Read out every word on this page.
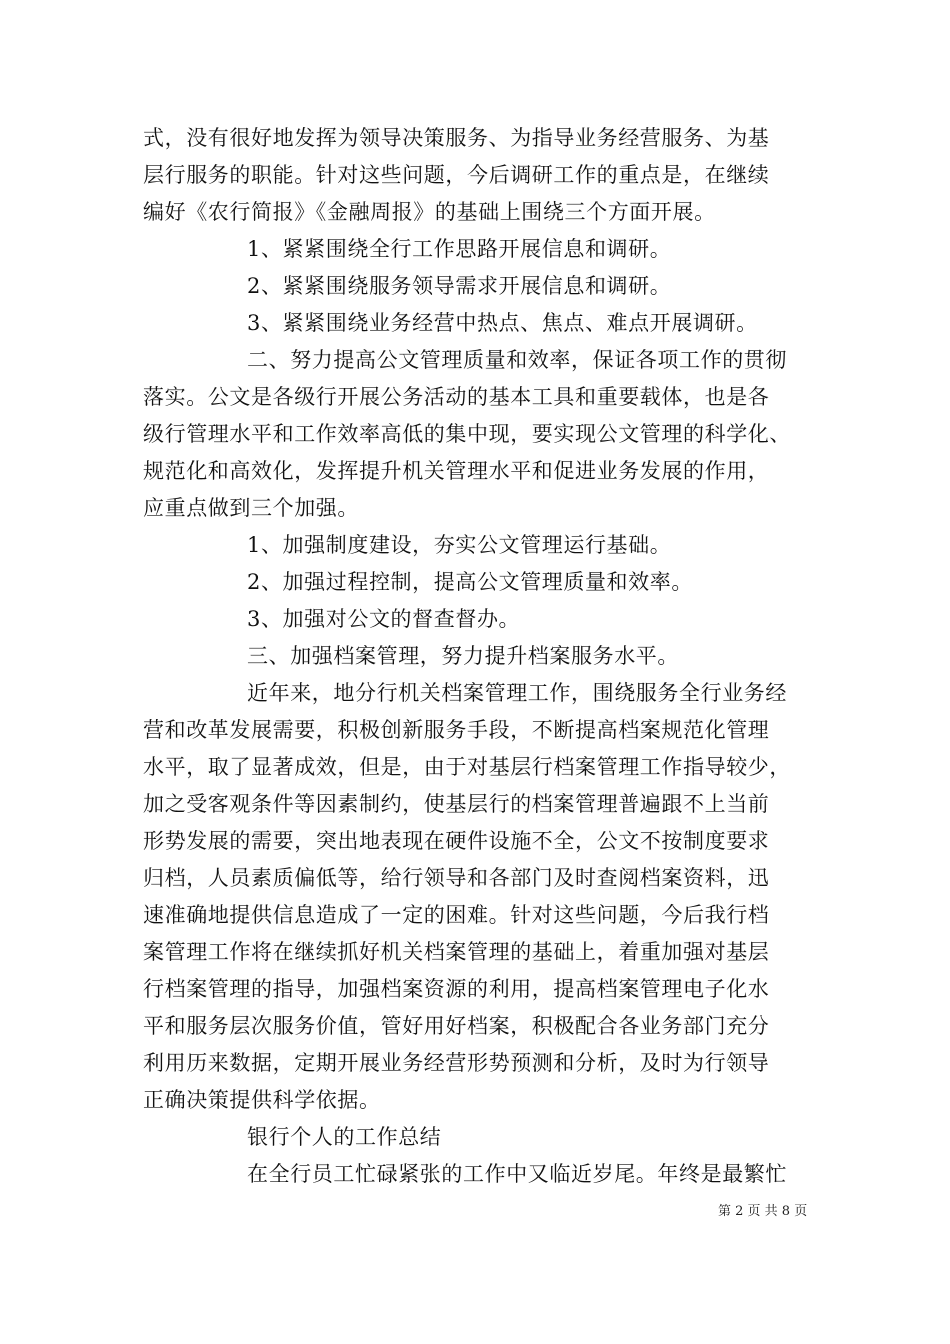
式，没有很好地发挥为领导决策服务、为指导业务经营服务、为基
层行服务的职能。针对这些问题，今后调研工作的重点是，在继续
编好《农行简报》《金融周报》的基础上围绕三个方面开展。
1、紧紧围绕全行工作思路开展信息和调研。
2、紧紧围绕服务领导需求开展信息和调研。
3、紧紧围绕业务经营中热点、焦点、难点开展调研。
二、努力提高公文管理质量和效率，保证各项工作的贯彻
落实。公文是各级行开展公务活动的基本工具和重要载体，也是各
级行管理水平和工作效率高低的集中现，要实现公文管理的科学化、
规范化和高效化，发挥提升机关管理水平和促进业务发展的作用，
应重点做到三个加强。
1、加强制度建设，夯实公文管理运行基础。
2、加强过程控制，提高公文管理质量和效率。
3、加强对公文的督查督办。
三、加强档案管理，努力提升档案服务水平。
近年来，地分行机关档案管理工作，围绕服务全行业务经
营和改革发展需要，积极创新服务手段，不断提高档案规范化管理
水平，取了显著成效，但是，由于对基层行档案管理工作指导较少，
加之受客观条件等因素制约，使基层行的档案管理普遍跟不上当前
形势发展的需要，突出地表现在硬件设施不全，公文不按制度要求
归档，人员素质偏低等，给行领导和各部门及时查阅档案资料，迅
速准确地提供信息造成了一定的困难。针对这些问题，今后我行档
案管理工作将在继续抓好机关档案管理的基础上，着重加强对基层
行档案管理的指导，加强档案资源的利用，提高档案管理电子化水
平和服务层次服务价值，管好用好档案，积极配合各业务部门充分
利用历来数据，定期开展业务经营形势预测和分析，及时为行领导
正确决策提供科学依据。
银行个人的工作总结
在全行员工忙碌紧张的工作中又临近岁尾。年终是最繁忙
第 2 页 共 8 页
